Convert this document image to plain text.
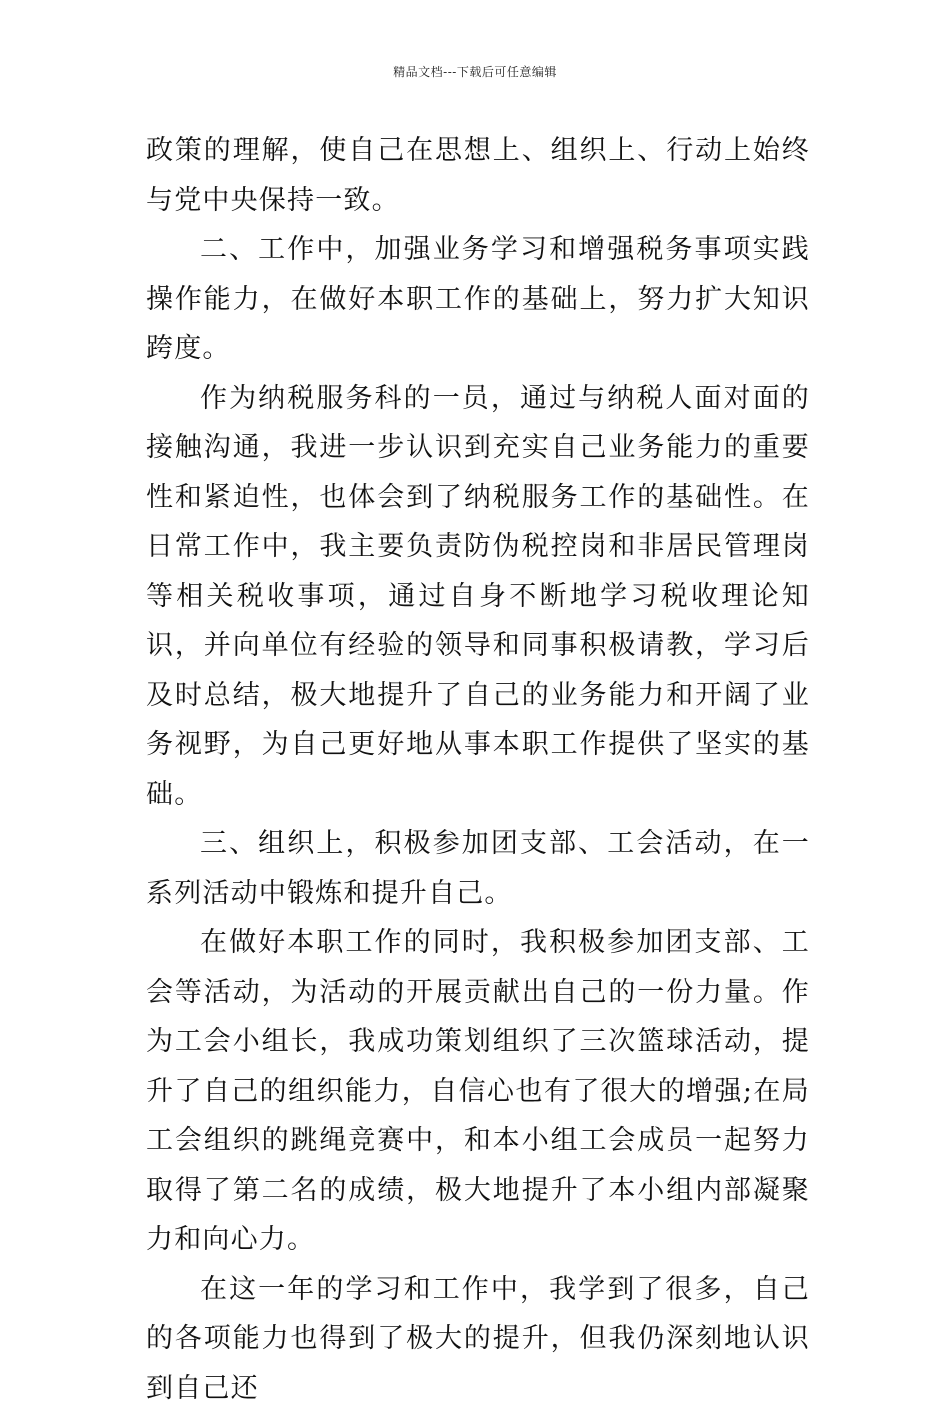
精品文档---下载后可任意编辑

政策的理解，使自己在思想上、组织上、行动上始终与党中央保持一致。

二、工作中，加强业务学习和增强税务事项实践操作能力，在做好本职工作的基础上，努力扩大知识跨度。

作为纳税服务科的一员，通过与纳税人面对面的接触沟通，我进一步认识到充实自己业务能力的重要性和紧迫性，也体会到了纳税服务工作的基础性。在日常工作中，我主要负责防伪税控岗和非居民管理岗等相关税收事项，通过自身不断地学习税收理论知识，并向单位有经验的领导和同事积极请教，学习后及时总结，极大地提升了自己的业务能力和开阔了业务视野，为自己更好地从事本职工作提供了坚实的基础。

三、组织上，积极参加团支部、工会活动，在一系列活动中锻炼和提升自己。

在做好本职工作的同时，我积极参加团支部、工会等活动，为活动的开展贡献出自己的一份力量。作为工会小组长，我成功策划组织了三次篮球活动，提升了自己的组织能力，自信心也有了很大的增强;在局工会组织的跳绳竞赛中，和本小组工会成员一起努力取得了第二名的成绩，极大地提升了本小组内部凝聚力和向心力。

在这一年的学习和工作中，我学到了很多，自己的各项能力也得到了极大的提升，但我仍深刻地认识到自己还
